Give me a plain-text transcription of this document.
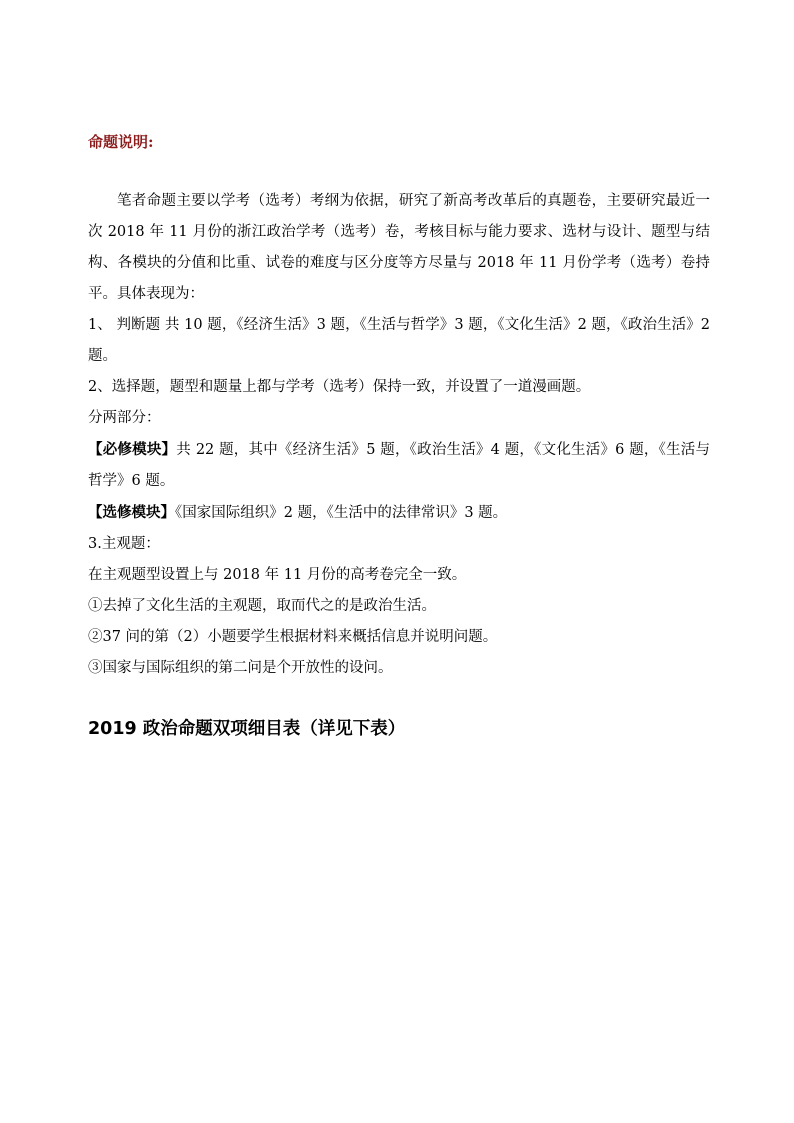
命题说明:

笔者命题主要以学考（选考）考纲为依据，研究了新高考改革后的真题卷，主要研究最近一次 2018 年 11 月份的浙江政治学考（选考）卷，考核目标与能力要求、选材与设计、题型与结构、各模块的分值和比重、试卷的难度与区分度等方尽量与 2018 年 11 月份学考（选考）卷持平。具体表现为：

1、 判断题 共 10 题，《经济生活》3 题，《生活与哲学》3 题，《文化生活》2 题，《政治生活》2 题。

2、选择题，题型和题量上都与学考（选考）保持一致，并设置了一道漫画题。

分两部分：

【必修模块】共 22 题，其中《经济生活》5 题，《政治生活》4 题，《文化生活》6 题，《生活与哲学》6 题。

【选修模块】《国家国际组织》2 题，《生活中的法律常识》3 题。

3.主观题：

在主观题型设置上与 2018 年 11 月份的高考卷完全一致。

①去掉了文化生活的主观题，取而代之的是政治生活。

②37 问的第（2）小题要学生根据材料来概括信息并说明问题。

③国家与国际组织的第二问是个开放性的设问。

2019 政治命题双项细目表（详见下表）
